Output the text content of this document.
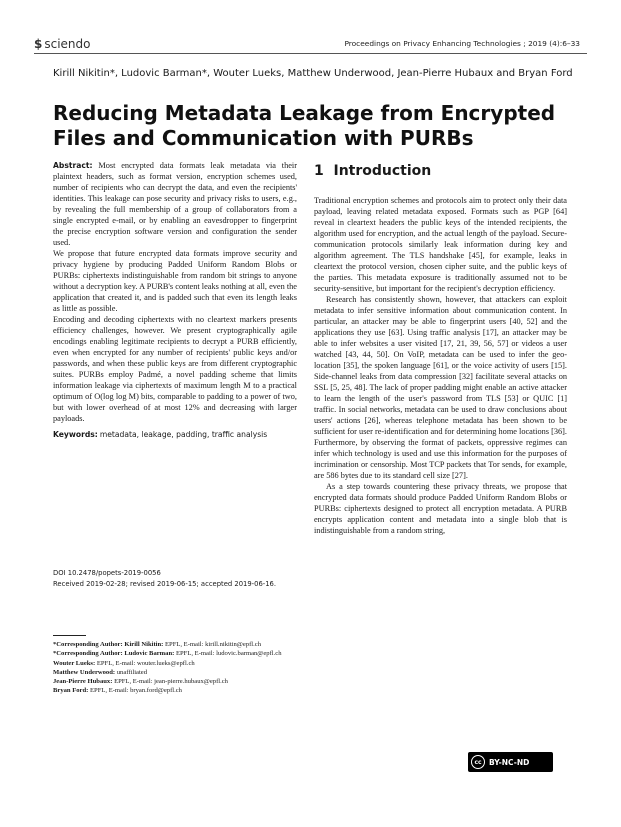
$ sciendo	Proceedings on Privacy Enhancing Technologies ; 2019 (4):6–33
Kirill Nikitin*, Ludovic Barman*, Wouter Lueks, Matthew Underwood, Jean-Pierre Hubaux and Bryan Ford
Reducing Metadata Leakage from Encrypted Files and Communication with PURBs

Abstract: Most encrypted data formats leak metadata via their plaintext headers, such as format version, encryption schemes used, number of recipients who can decrypt the data, and even the recipients' identities. This leakage can pose security and privacy risks to users, e.g., by revealing the full membership of a group of collaborators from a single encrypted e-mail, or by enabling an eavesdropper to fingerprint the precise encryption software version and configuration the sender used.

We propose that future encrypted data formats improve security and privacy hygiene by producing Padded Uniform Random Blobs or PURBs: ciphertexts indistinguishable from random bit strings to anyone without a decryption key. A PURB's content leaks nothing at all, even the application that created it, and is padded such that even its length leaks as little as possible.

Encoding and decoding ciphertexts with no cleartext markers presents efficiency challenges, however. We present cryptographically agile encodings enabling legitimate recipients to decrypt a PURB efficiently, even when encrypted for any number of recipients' public keys and/or passwords, and when these public keys are from different cryptographic suites. PURBs employ Padmé, a novel padding scheme that limits information leakage via ciphertexts of maximum length M to a practical optimum of O(log log M) bits, comparable to padding to a power of two, but with lower overhead of at most 12% and decreasing with larger payloads.

Keywords: metadata, leakage, padding, traffic analysis

DOI 10.2478/popets-2019-0056
Received 2019-02-28; revised 2019-06-15; accepted 2019-06-16.
*Corresponding Author: Kirill Nikitin: EPFL, E-mail: kirill.nikitin@epfl.ch
*Corresponding Author: Ludovic Barman: EPFL, E-mail: ludovic.barman@epfl.ch
Wouter Lueks: EPFL, E-mail: wouter.lueks@epfl.ch
Matthew Underwood: unaffiliated
Jean-Pierre Hubaux: EPFL, E-mail: jean-pierre.hubaux@epfl.ch
Bryan Ford: EPFL, E-mail: bryan.ford@epfl.ch
1 Introduction

Traditional encryption schemes and protocols aim to protect only their data payload, leaving related metadata exposed. Formats such as PGP [64] reveal in cleartext headers the public keys of the intended recipients, the algorithm used for encryption, and the actual length of the payload. Secure-communication protocols similarly leak information during key and algorithm agreement. The TLS handshake [45], for example, leaks in cleartext the protocol version, chosen cipher suite, and the public keys of the parties. This metadata exposure is traditionally assumed not to be security-sensitive, but important for the recipient's decryption efficiency.

Research has consistently shown, however, that attackers can exploit metadata to infer sensitive information about communication content. In particular, an attacker may be able to fingerprint users [40, 52] and the applications they use [63]. Using traffic analysis [17], an attacker may be able to infer websites a user visited [17, 21, 39, 56, 57] or videos a user watched [43, 44, 50]. On VoIP, metadata can be used to infer the geo-location [35], the spoken language [61], or the voice activity of users [15]. Side-channel leaks from data compression [32] facilitate several attacks on SSL [5, 25, 48]. The lack of proper padding might enable an active attacker to learn the length of the user's password from TLS [53] or QUIC [1] traffic. In social networks, metadata can be used to draw conclusions about users' actions [26], whereas telephone metadata has been shown to be sufficient for user re-identification and for determining home locations [36]. Furthermore, by observing the format of packets, oppressive regimes can infer which technology is used and use this information for the purposes of incrimination or censorship. Most TCP packets that Tor sends, for example, are 586 bytes due to its standard cell size [27].

As a step towards countering these privacy threats, we propose that encrypted data formats should produce Padded Uniform Random Blobs or PURBs: ciphertexts designed to protect all encryption metadata. A PURB encrypts application content and metadata into a single blob that is indistinguishable from a random string,

cc BY-NC-ND
